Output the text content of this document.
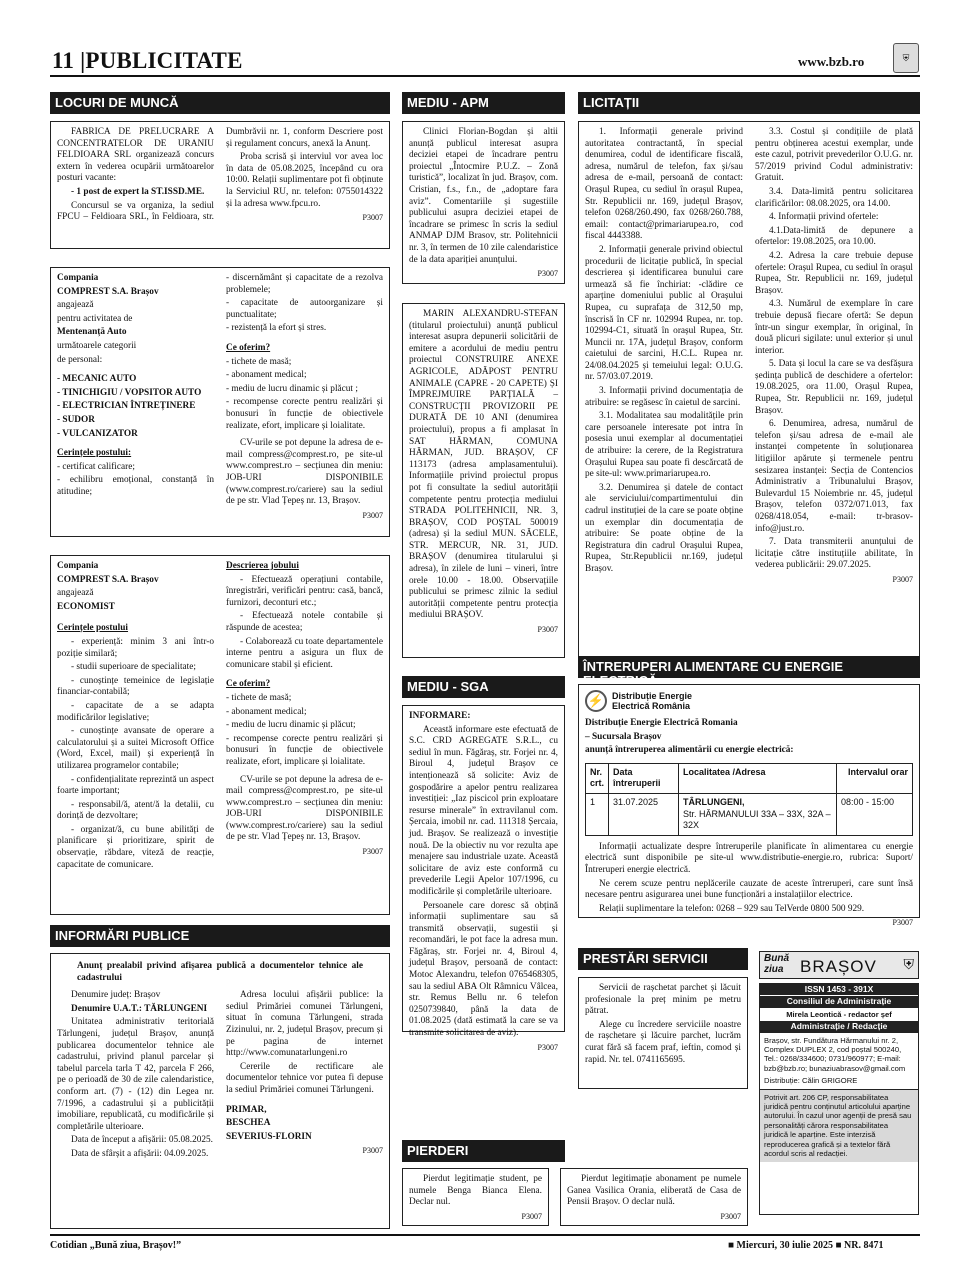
11 |PUBLICITATE	www.bzb.ro	⛨
LOCURI DE MUNCĂ

FABRICA DE PRELUCRARE A CONCENTRATELOR DE URANIU FELDIOARA SRL organizează concurs extern în vederea ocupării următoarelor posturi vacante:

- 1 post de expert la ST.ISSD.ME.

Concursul se va organiza, la sediul FPCU – Feldioara SRL, în Feldioara, str. Dumbrăvii nr. 1, conform Descriere post și regulament concurs, anexă la Anunț.

Proba scrisă și interviul vor avea loc în data de 05.08.2025, începând cu ora 10:00. Relații suplimentare pot fi obținute la Serviciul RU, nr. telefon: 0755014322 și la adresa www.fpcu.ro.

P3007

Compania

COMPREST S.A. Brașov

angajează

pentru activitatea de

Mentenanță Auto

următoarele categorii

de personal:

- MECANIC AUTO

- TINICHIGIU / VOPSITOR AUTO

- ELECTRICIAN ÎNTREȚINERE

- SUDOR

- VULCANIZATOR

Cerințele postului:

- certificat calificare;

- echilibru emoțional, constanță în atitudine;

- discernământ și capacitate de a rezolva problemele;

- capacitate de autoorganizare și punctualitate;

- rezistență la efort și stres.

Ce oferim?

- tichete de masă;

- abonament medical;

- mediu de lucru dinamic și plăcut ;

- recompense corecte pentru realizări și bonusuri în funcție de obiectivele realizate, efort, implicare și loialitate.

CV-urile se pot depune la adresa de e-mail compress@comprest.ro, pe site-ul www.comprest.ro – secțiunea din meniu: JOB-URI DISPONIBILE (www.comprest.ro/cariere) sau la sediul de pe str. Vlad Țepeș nr. 13, Brașov.

P3007

Compania

COMPREST S.A. Brașov

angajează

ECONOMIST

Cerințele postului

- experiență: minim 3 ani într-o poziție similară;

- studii superioare de specialitate;

- cunoștințe temeinice de legislație financiar-contabilă;

- capacitate de a se adapta modificărilor legislative;

- cunoștințe avansate de operare a calculatorului și a suitei Microsoft Office (Word, Excel, mail) și experiență în utilizarea programelor contabile;

- confidențialitate reprezintă un aspect foarte important;

- responsabil/ă, atent/ă la detalii, cu dorință de dezvoltare;

- organizat/ă, cu bune abilități de planificare și prioritizare, spirit de observație, răbdare, viteză de reacție, capacitate de comunicare.

Descrierea jobului

- Efectuează operațiuni contabile, înregistrări, verificări pentru: casă, bancă, furnizori, deconturi etc.;

- Efectuează notele contabile și răspunde de acestea;

- Colaborează cu toate departamentele interne pentru a asigura un flux de comunicare stabil și eficient.

Ce oferim?

- tichete de masă;

- abonament medical;

- mediu de lucru dinamic și plăcut;

- recompense corecte pentru realizări și bonusuri în funcție de obiectivele realizate, efort, implicare și loialitate.

CV-urile se pot depune la adresa de e-mail compress@comprest.ro, pe site-ul www.comprest.ro – secțiunea din meniu: JOB-URI DISPONIBILE (www.comprest.ro/cariere) sau la sediul de pe str. Vlad Țepeș nr. 13, Brașov.

P3007
INFORMĂRI PUBLICE

Anunț prealabil privind afișarea publică a documentelor tehnice ale cadastrului

Denumire județ: Brașov

Denumire U.A.T.: TĂRLUNGENI

Unitatea administrativ teritorială Tărlungeni, județul Brașov, anunță publicarea documentelor tehnice ale cadastrului, privind planul parcelar și tabelul parcela tarla T 42, parcela F 266, pe o perioadă de 30 de zile calendaristice, conform art. (7) - (12) din Legea nr. 7/1996, a cadastrului și a publicității imobiliare, republicată, cu modificările și completările ulterioare.

Data de început a afișării: 05.08.2025.

Data de sfârșit a afișării: 04.09.2025.

Adresa locului afișării publice: la sediul Primăriei comunei Tărlungeni, situat în comuna Tărlungeni, strada Zizinului, nr. 2, județul Brașov, precum și pe pagina de internet http://www.comunatarlungeni.ro

Cererile de rectificare ale documentelor tehnice vor putea fi depuse la sediul Primăriei comunei Tărlungeni.

PRIMAR,

BESCHEA

SEVERIUS-FLORIN

P3007
MEDIU - APM

Clinici Florian-Bogdan și altii anunță publicul interesat asupra deciziei etapei de încadrare pentru proiectul „Întocmire P.U.Z. – Zonă turistică”, localizat în jud. Brașov, com. Cristian, f.s., f.n., de „adoptare fara aviz”. Comentariile și sugestiile publicului asupra deciziei etapei de încadrare se primesc în scris la sediul ANMAP DJM Brasov, str. Politehnicii nr. 3, în termen de 10 zile calendaristice de la data apariției anunțului.

P3007

MARIN ALEXANDRU-STEFAN (titularul proiectului) anunță publicul interesat asupra depunerii solicitării de emitere a acordului de mediu pentru proiectul CONSTRUIRE ANEXE AGRICOLE, ADĂPOST PENTRU ANIMALE (CAPRE - 20 CAPETE) ȘI ÎMPREJMUIRE PARȚIALĂ – CONSTRUCȚII PROVIZORII PE DURATĂ DE 10 ANI (denumirea proiectului), propus a fi amplasat în SAT HĂRMAN, COMUNA HĂRMAN, JUD. BRAȘOV, CF 113173 (adresa amplasamentului). Informațiile privind proiectul propus pot fi consultate la sediul autorității competente pentru protecția mediului STRADA POLITEHNICII, NR. 3, BRAȘOV, COD POȘTAL 500019 (adresa) și la sediul MUN. SĂCELE, STR. MERCUR, NR. 31, JUD. BRAȘOV (denumirea titularului și adresa), în zilele de luni – vineri, între orele 10.00 - 18.00. Observațiile publicului se primesc zilnic la sediul autorității competente pentru protecția mediului BRAȘOV.

P3007
MEDIU - SGA

INFORMARE:

Această informare este efectuată de S.C. CRD AGREGATE S.R.L., cu sediul în mun. Făgăraș, str. Forjei nr. 4, Biroul 4, județul Brașov ce intenționează să solicite: Aviz de gospodărire a apelor pentru realizarea investiției: „Iaz piscicol prin exploatare resurse minerale” în extravilanul com. Șercaia, imobil nr. cad. 111318 Șercaia, jud. Brașov. Se realizează o investiție nouă. De la obiectiv nu vor rezulta ape menajere sau industriale uzate. Această solicitare de aviz este conformă cu prevederile Legii Apelor 107/1996, cu modificările și completările ulterioare.

Persoanele care doresc să obțină informații suplimentare sau să transmită observații, sugestii și recomandări, le pot face la adresa mun. Făgăraș, str. Forjei nr. 4, Biroul 4, județul Brașov, persoană de contact: Motoc Alexandru, telefon 0765468305, sau la sediul ABA Olt Râmnicu Vâlcea, str. Remus Bellu nr. 6 telefon 0250739840, până la data de 01.08.2025 (dată estimată la care se va transmite solicitarea de aviz).

P3007
PIERDERI

Pierdut legitimație student, pe numele Benga Bianca Elena. Declar nul.

P3007
LICITAȚII

1. Informații generale privind autoritatea contractantă, în special denumirea, codul de identificare fiscală, adresa, numărul de telefon, fax și/sau adresa de e-mail, persoană de contact: Orașul Rupea, cu sediul în orașul Rupea, Str. Republicii nr. 169, județul Brașov, telefon 0268/260.490, fax 0268/260.788, email: contact@primariarupea.ro, cod fiscal 4443388.

2. Informații generale privind obiectul procedurii de licitație publică, în special descrierea și identificarea bunului care urmează să fie închiriat: -clădire ce aparține domeniului public al Orașului Rupea, cu suprafața de 312,50 mp, înscrisă în CF nr. 102994 Rupea, nr. top. 102994-C1, situată în orașul Rupea, Str. Muncii nr. 17A, județul Brașov, conform caietului de sarcini, H.C.L. Rupea nr. 24/08.04.2025 și temeiului legal: O.U.G. nr. 57/03.07.2019.

3. Informații privind documentația de atribuire: se regăsesc în caietul de sarcini.

3.1. Modalitatea sau modalitățile prin care persoanele interesate pot intra în posesia unui exemplar al documentației de atribuire: la cerere, de la Registratura Orașului Rupea sau poate fi descărcată de pe site-ul: www.primariarupea.ro.

3.2. Denumirea și datele de contact ale serviciului/compartimentului din cadrul instituției de la care se poate obține un exemplar din documentația de atribuire: Se poate obține de la Registratura din cadrul Orașului Rupea, Rupea, Str.Republicii nr.169, județul Brașov.

3.3. Costul și condițiile de plată pentru obținerea acestui exemplar, unde este cazul, potrivit prevederilor O.U.G. nr. 57/2019 privind Codul administrativ: Gratuit.

3.4. Data-limită pentru solicitarea clarificărilor: 08.08.2025, ora 14.00.

4. Informații privind ofertele:

4.1.Data-limită de depunere a ofertelor: 19.08.2025, ora 10.00.

4.2. Adresa la care trebuie depuse ofertele: Orașul Rupea, cu sediul în orașul Rupea, Str. Republicii nr. 169, județul Brașov.

4.3. Numărul de exemplare în care trebuie depusă fiecare ofertă: Se depun într-un singur exemplar, în original, în două plicuri sigilate: unul exterior și unul interior.

5. Data și locul la care se va desfășura ședința publică de deschidere a ofertelor: 19.08.2025, ora 11.00, Orașul Rupea, Rupea, Str. Republicii nr. 169, județul Brașov.

6. Denumirea, adresa, numărul de telefon și/sau adresa de e-mail ale instanței competente în soluționarea litigiilor apărute și termenele pentru sesizarea instanței: Secția de Contencios Administrativ a Tribunalului Brașov, Bulevardul 15 Noiembrie nr. 45, județul Brașov, telefon 0372/071.013, fax 0268/418.054, e-mail: tr-brasov-info@just.ro.

7. Data transmiterii anunțului de licitație către instituțiile abilitate, în vederea publicării: 29.07.2025.

P3007
ÎNTRERUPERI ALIMENTARE CU ENERGIE ELECTRICĂ
⚡ Distribuție Energie
Electrică România

Distribuție Energie Electrică Romania

– Sucursala Brașov

anunță întreruperea alimentării cu energie electrică:

Nr. crt.	Data întreruperii	Localitatea /Adresa	Intervalul orar
1	31.07.2025	TÂRLUNGENI,
Str. HĂRMANULUI 33A – 33X, 32A – 32X	08:00 - 15:00

Informații actualizate despre întreruperile planificate în alimentarea cu energie electrică sunt disponibile pe site-ul www.distributie-energie.ro, rubrica: Suport/Întreruperi energie electrică.

Ne cerem scuze pentru neplăcerile cauzate de aceste întreruperi, care sunt însă necesare pentru asigurarea unei bune funcționări a instalațiilor electrice.

Relații suplimentare la telefon: 0268 – 929 sau TelVerde 0800 500 929.

P3007
PRESTĂRI SERVICII

Servicii de rașchetat parchet și lăcuit profesionale la preț minim pe metru pătrat.

Alege cu încredere serviciile noastre de rașchetare și lăcuire parchet, lucrăm curat fără să facem praf, ieftin, comod și rapid. Nr. tel. 0741165695.

Pierdut legitimație abonament pe numele Ganea Vasilica Orania, eliberată de Casa de Pensii Brașov. O declar nulă.

P3007
Bună
ziua BRAȘOV ⛨
ISSN 1453 - 391X
Consiliul de Administrație
Mirela Leontică - redactor șef
Administrație / Redacție
Brașov, str. Fundătura Hărmanului nr. 2, Complex DUPLEX 2, cod poștal 500240, Tel.: 0268/334600; 0731/960977; E-mail: bzb@bzb.ro; bunaziuabrasov@gmail.com
Distribuție: Călin GRIGORE
Potrivit art. 206 CP, responsabilitatea juridică pentru conținutul articolului aparține autorului. În cazul unor agenții de presă sau personalități cărora responsabilitatea juridică le aparține. Este interzisă reproducerea grafică și a textelor fără acordul scris al redacției.
Cotidian „Bună ziua, Brașov!”	■ Miercuri, 30 iulie 2025 ■ NR. 8471
